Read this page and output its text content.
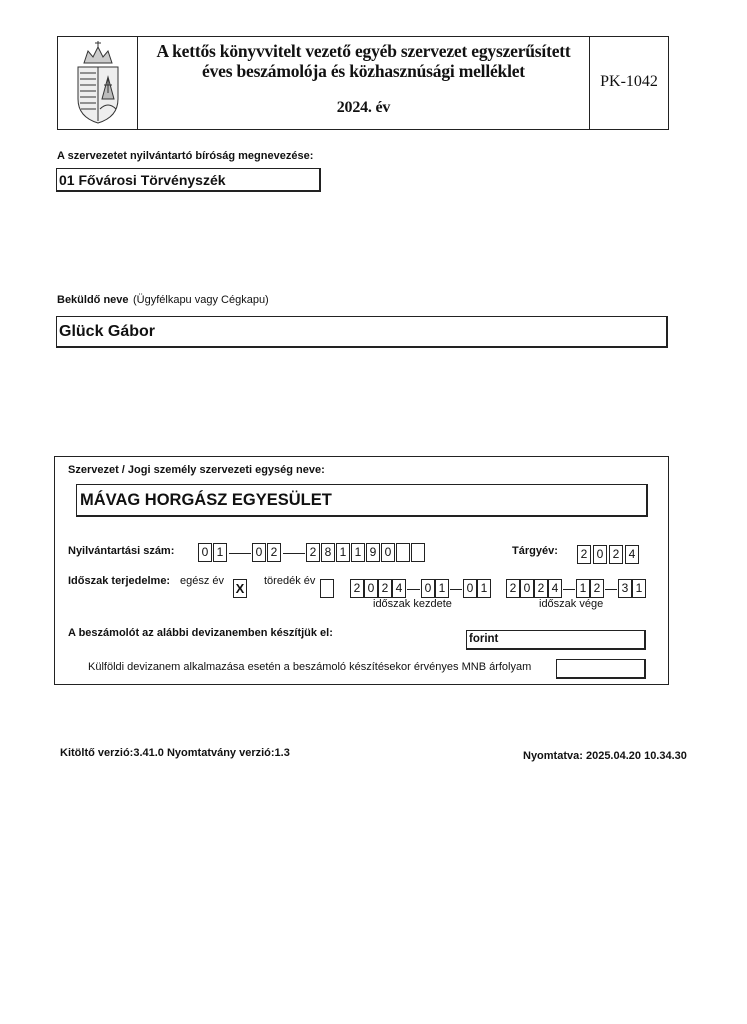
A kettős könyvvitelt vezető egyéb szervezet egyszerűsített
éves beszámolója és közhasznúsági melléklet
2024. év
PK-1042
A szervezetet nyilvántartó bíróság megnevezése:
01 Fővárosi Törvényszék
Beküldő neve (Ügyfélkapu vagy Cégkapu)
Glück Gábor
Szervezet / Jogi személy szervezeti egység neve:
MÁVAG HORGÁSZ EGYESÜLET
Nyilvántartási szám:	0 1	0 2	2 8 1 1 9 0	Tárgyév:	2 0 2 4
Időszak terjedelme: egész év X töredék év	2 0 2 4	0 1	0 1
időszak kezdete
2 0 2 4	1 2	3 1
időszak vége
A beszámolót az alábbi devizanemben készítjük el:	forint
Külföldi devizanem alkalmazása esetén a beszámoló készítésekor érvényes MNB árfolyam
Kitöltő verzió:3.41.0 Nyomtatvány verzió:1.3	Nyomtatva: 2025.04.20 10.34.30
